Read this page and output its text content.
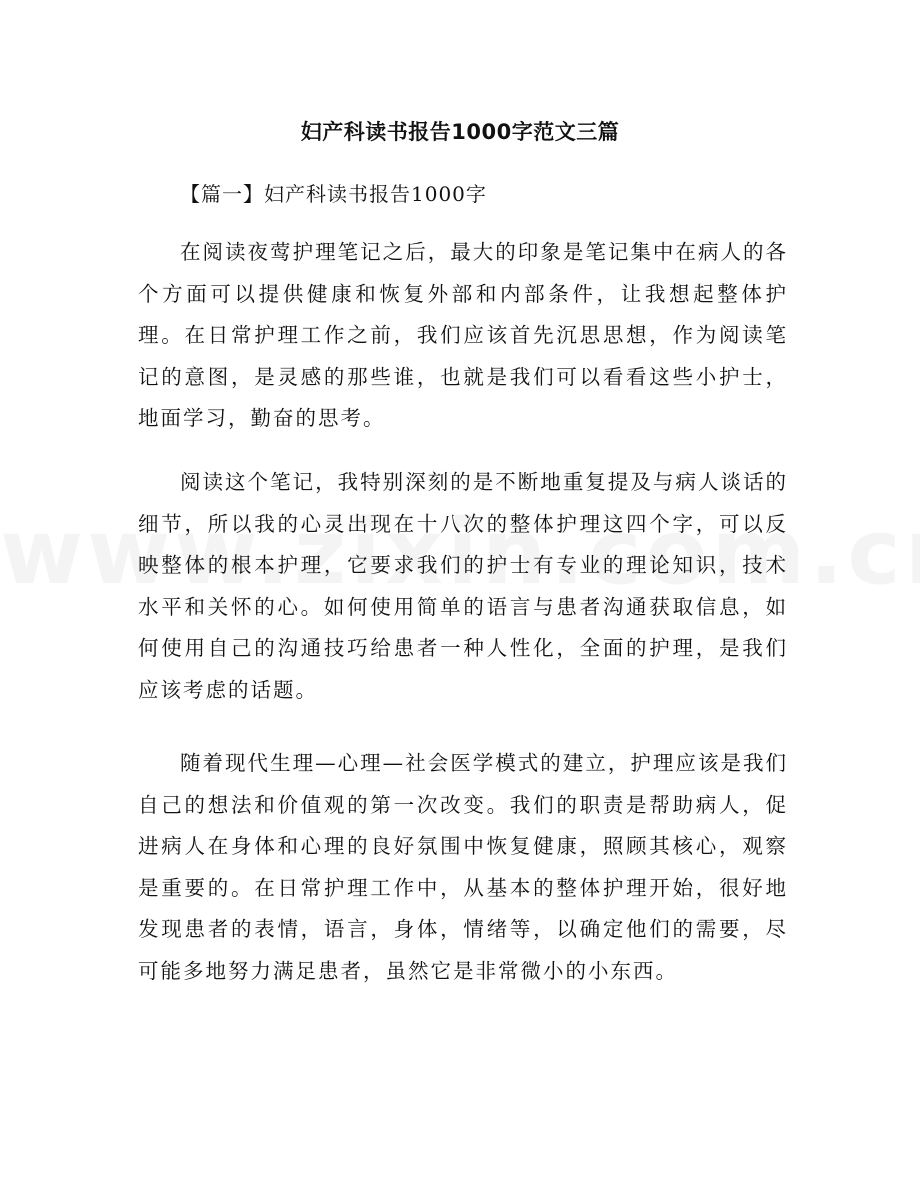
妇产科读书报告1000字范文三篇

【篇一】妇产科读书报告1000字

在阅读夜莺护理笔记之后，最大的印象是笔记集中在病人的各个方面可以提供健康和恢复外部和内部条件，让我想起整体护理。在日常护理工作之前，我们应该首先沉思思想，作为阅读笔记的意图，是灵感的那些谁，也就是我们可以看看这些小护士，地面学习，勤奋的思考。

阅读这个笔记，我特别深刻的是不断地重复提及与病人谈话的细节，所以我的心灵出现在十八次的整体护理这四个字，可以反映整体的根本护理，它要求我们的护士有专业的理论知识，技术水平和关怀的心。如何使用简单的语言与患者沟通获取信息，如何使用自己的沟通技巧给患者一种人性化，全面的护理，是我们应该考虑的话题。

随着现代生理—心理—社会医学模式的建立，护理应该是我们自己的想法和价值观的第一次改变。我们的职责是帮助病人，促进病人在身体和心理的良好氛围中恢复健康，照顾其核心，观察是重要的。在日常护理工作中，从基本的整体护理开始，很好地发现患者的表情，语言，身体，情绪等，以确定他们的需要，尽可能多地努力满足患者，虽然它是非常微小的小东西。
